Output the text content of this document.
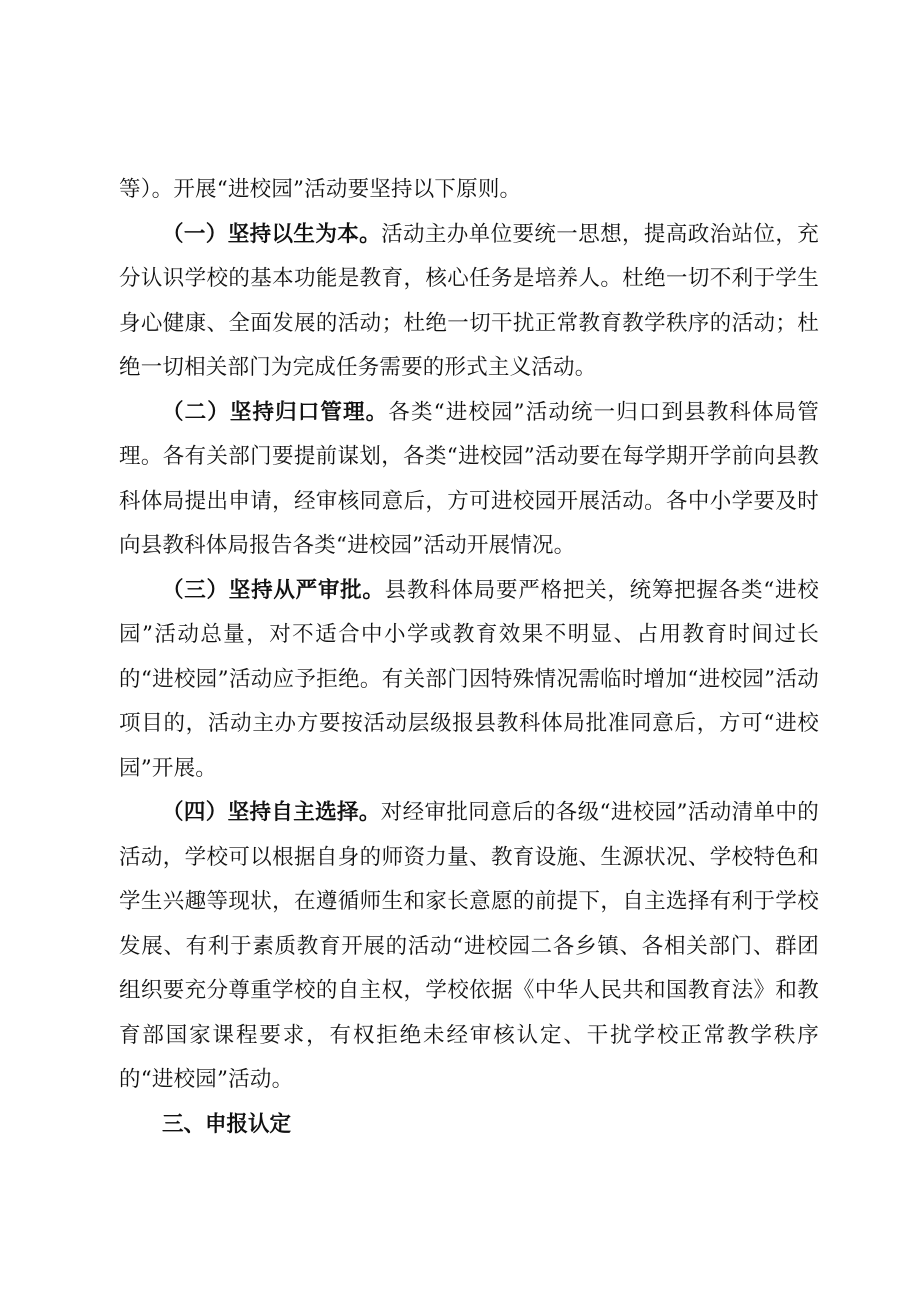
等）。开展“进校园”活动要坚持以下原则。

（一）坚持以生为本。活动主办单位要统一思想，提高政治站位，充分认识学校的基本功能是教育，核心任务是培养人。杜绝一切不利于学生身心健康、全面发展的活动；杜绝一切干扰正常教育教学秩序的活动；杜绝一切相关部门为完成任务需要的形式主义活动。

（二）坚持归口管理。各类“进校园”活动统一归口到县教科体局管理。各有关部门要提前谋划，各类“进校园”活动要在每学期开学前向县教科体局提出申请，经审核同意后，方可进校园开展活动。各中小学要及时向县教科体局报告各类“进校园”活动开展情况。

（三）坚持从严审批。县教科体局要严格把关，统筹把握各类“进校园”活动总量，对不适合中小学或教育效果不明显、占用教育时间过长的“进校园”活动应予拒绝。有关部门因特殊情况需临时增加“进校园”活动项目的，活动主办方要按活动层级报县教科体局批准同意后，方可“进校园”开展。

（四）坚持自主选择。对经审批同意后的各级“进校园”活动清单中的活动，学校可以根据自身的师资力量、教育设施、生源状况、学校特色和学生兴趣等现状，在遵循师生和家长意愿的前提下，自主选择有利于学校发展、有利于素质教育开展的活动“进校园二各乡镇、各相关部门、群团组织要充分尊重学校的自主权，学校依据《中华人民共和国教育法》和教育部国家课程要求，有权拒绝未经审核认定、干扰学校正常教学秩序的“进校园”活动。

三、申报认定
